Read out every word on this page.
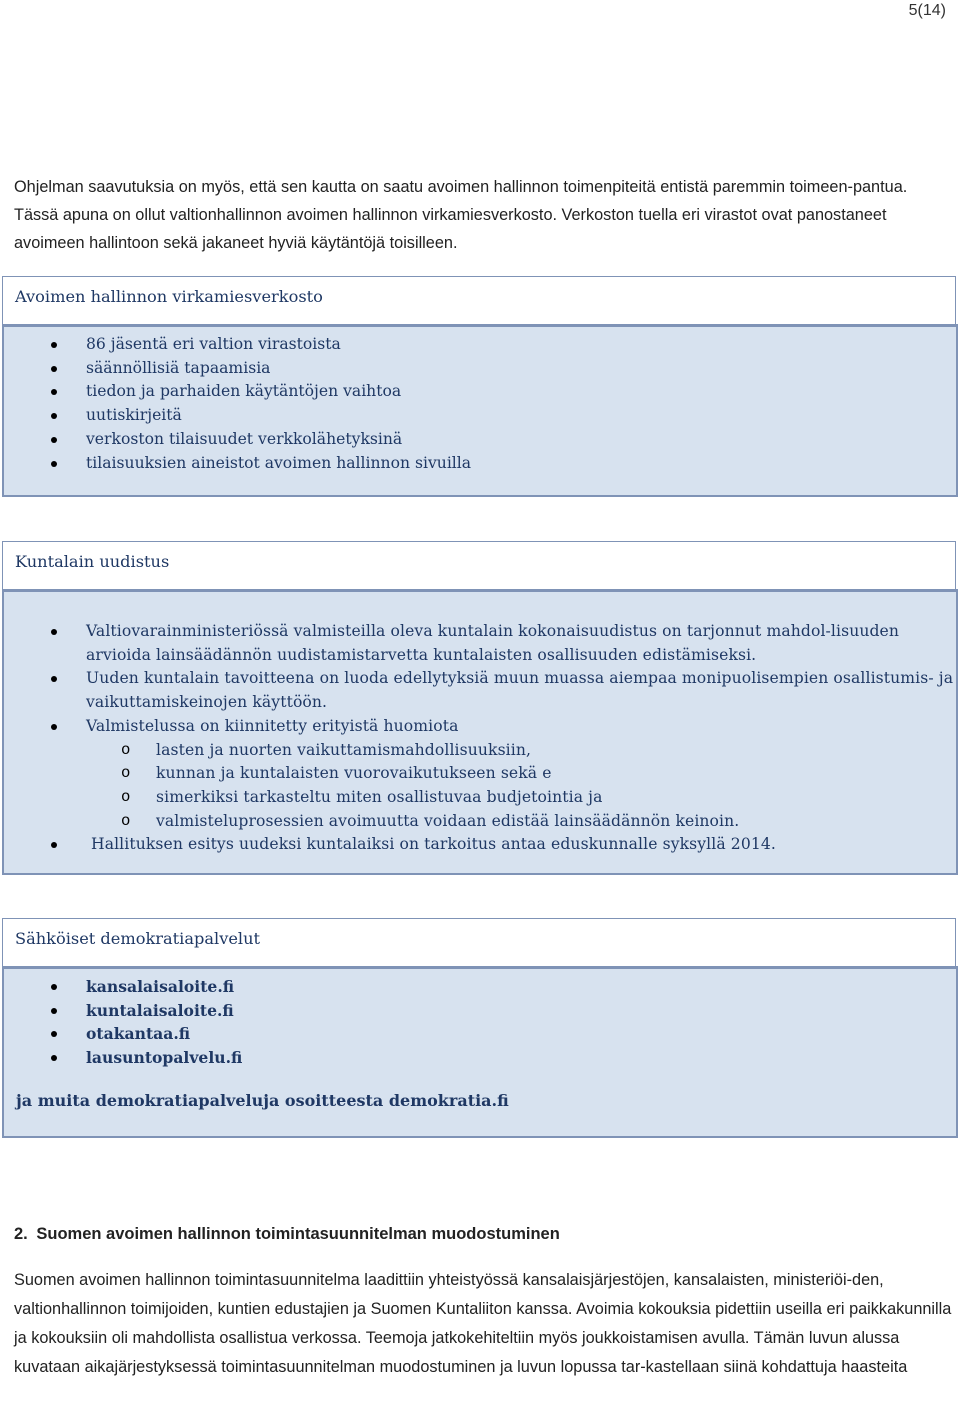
5(14)

Ohjelman saavutuksia on myös, että sen kautta on saatu avoimen hallinnon toimenpiteitä entistä paremmin toimeen-pantua. Tässä apuna on ollut valtionhallinnon avoimen hallinnon virkamiesverkosto. Verkoston tuella eri virastot ovat panostaneet avoimeen hallintoon sekä jakaneet hyviä käytäntöjä toisilleen.

Avoimen hallinnon virkamiesverkosto
86 jäsentä eri valtion virastoista
säännöllisiä tapaamisia
tiedon ja parhaiden käytäntöjen vaihtoa
uutiskirjeitä
verkoston tilaisuudet verkkolähetyksinä
tilaisuuksien aineistot avoimen hallinnon sivuilla
Kuntalain uudistus
Valtiovarainministeriössä valmisteilla oleva kuntalain kokonaisuudistus on tarjonnut mahdol-lisuuden arvioida lainsäädännön uudistamistarvetta kuntalaisten osallisuuden edistämiseksi.
Uuden kuntalain tavoitteena on luoda edellytyksiä muun muassa aiempaa monipuolisempien osallistumis- ja vaikuttamiskeinojen käyttöön.
Valmistelussa on kiinnitetty erityistä huomiota
o lasten ja nuorten vaikuttamismahdollisuuksiin,
o kunnan ja kuntalaisten vuorovaikutukseen sekä e
o simerkiksi tarkasteltu miten osallistuvaa budjetointia ja
o valmisteluprosessien avoimuutta voidaan edistää lainsäädännön keinoin.
Hallituksen esitys uudeksi kuntalaiksi on tarkoitus antaa eduskunnalle syksyllä 2014.
Sähköiset demokratiapalvelut
kansalaisaloite.fi
kuntalaisaloite.fi
otakantaa.fi
lausuntopalvelu.fi
ja muita demokratiapalveluja osoitteesta demokratia.fi
2. Suomen avoimen hallinnon toimintasuunnitelman muodostuminen

Suomen avoimen hallinnon toimintasuunnitelma laadittiin yhteistyössä kansalaisjärjestöjen, kansalaisten, ministeriöi-den, valtionhallinnon toimijoiden, kuntien edustajien ja Suomen Kuntaliiton kanssa. Avoimia kokouksia pidettiin useilla eri paikkakunnilla ja kokouksiin oli mahdollista osallistua verkossa. Teemoja jatkokehiteltiin myös joukkoistamisen avulla. Tämän luvun alussa kuvataan aikajärjestyksessä toimintasuunnitelman muodostuminen ja luvun lopussa tar-kastellaan siinä kohdattuja haasteita
